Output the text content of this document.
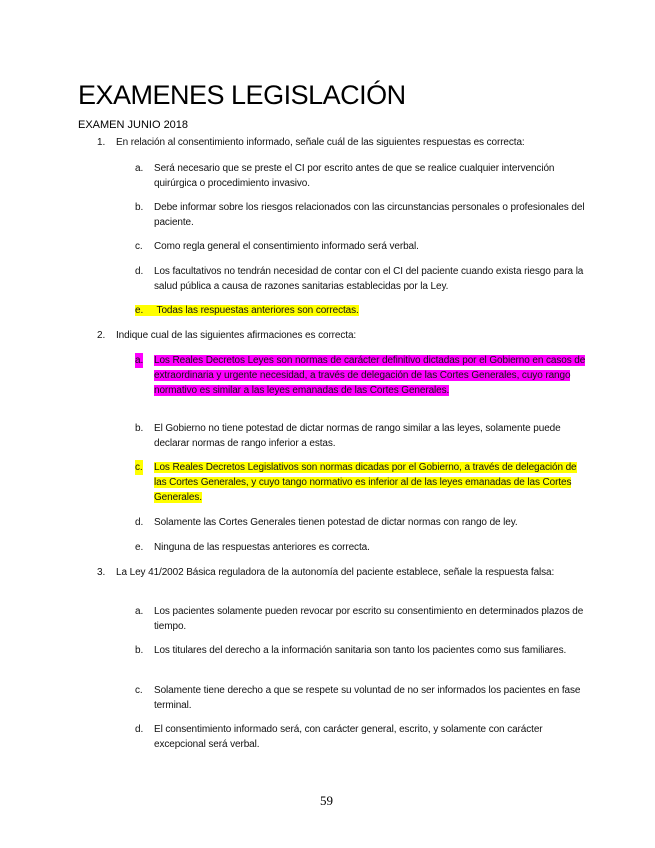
EXAMENES LEGISLACIÓN
EXAMEN JUNIO 2018
1. En relación al consentimiento informado, señale cuál de las siguientes respuestas es correcta:
a. Será necesario que se preste el CI por escrito antes de que se realice cualquier intervención quirúrgica o procedimiento invasivo.
b. Debe informar sobre los riesgos relacionados con las circunstancias personales o profesionales del paciente.
c. Como regla general el consentimiento informado será verbal.
d. Los facultativos no tendrán necesidad de contar con el CI del paciente cuando exista riesgo para la salud pública a causa de razones sanitarias establecidas por la Ley.
e. Todas las respuestas anteriores son correctas.
2. Indique cual de las siguientes afirmaciones es correcta:
a. Los Reales Decretos Leyes son normas de carácter definitivo dictadas por el Gobierno en casos de extraordinaria y urgente necesidad, a través de delegación de las Cortes Generales, cuyo rango normativo es similar a las leyes emanadas de las Cortes Generales.
b. El Gobierno no tiene potestad de dictar normas de rango similar a las leyes, solamente puede declarar normas de rango inferior a estas.
c. Los Reales Decretos Legislativos son normas dicadas por el Gobierno, a través de delegación de las Cortes Generales, y cuyo tango normativo es inferior al de las leyes emanadas de las Cortes Generales.
d. Solamente las Cortes Generales tienen potestad de dictar normas con rango de ley.
e. Ninguna de las respuestas anteriores es correcta.
3. La Ley 41/2002 Básica reguladora de la autonomía del paciente establece, señale la respuesta falsa:
a. Los pacientes solamente pueden revocar por escrito su consentimiento en determinados plazos de tiempo.
b. Los titulares del derecho a la información sanitaria son tanto los pacientes como sus familiares.
c. Solamente tiene derecho a que se respete su voluntad de no ser informados los pacientes en fase terminal.
d. El consentimiento informado será, con carácter general, escrito, y solamente con carácter excepcional será verbal.
59
